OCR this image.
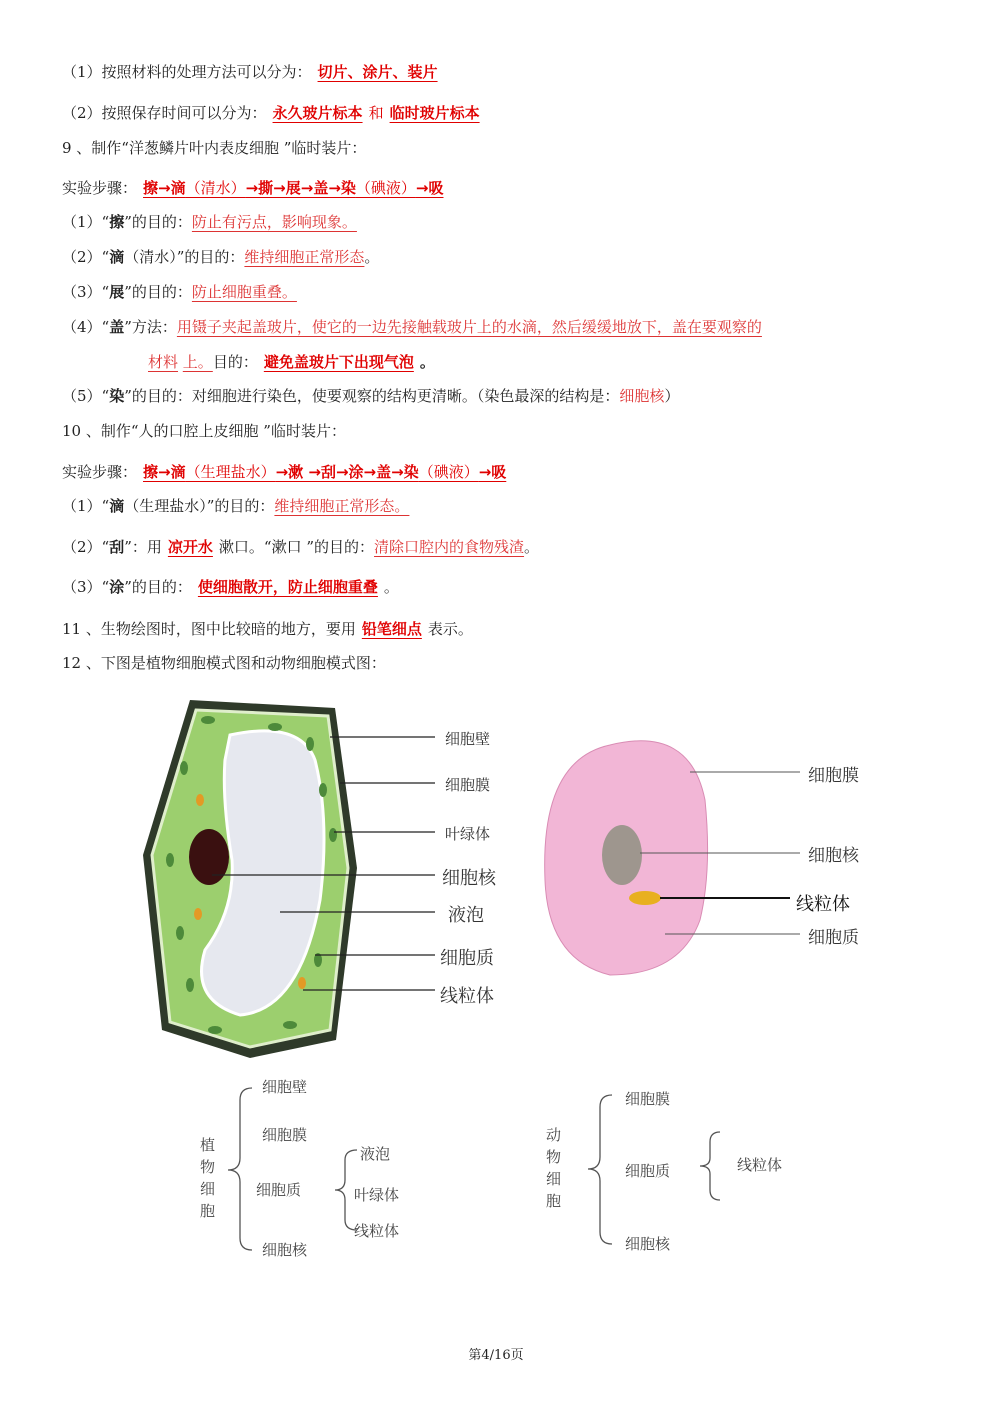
（1）按照材料的处理方法可以分为： 切片、涂片、装片
（2）按照保存时间可以分为： 永久玻片标本 和 临时玻片标本
9 、制作“洋葱鳞片叶内表皮细胞 ”临时装片：
实验步骤： 擦→滴（清水）→撕→展→盖→染（碘液）→吸
（1）“擦”的目的：防止有污点，影响现象。
（2）“滴（清水）”的目的：维持细胞正常形态。
（3）“展”的目的：防止细胞重叠。
（4）“盖”方法：用镊子夹起盖玻片，使它的一边先接触载玻片上的水滴，然后缓缓地放下，盖在要观察的
材料 上。目的： 避免盖玻片下出现气泡 。
（5）“染”的目的：对细胞进行染色，使要观察的结构更清晰。（染色最深的结构是：细胞核）
10 、制作“人的口腔上皮细胞 ”临时装片：
实验步骤： 擦→滴（生理盐水）→漱 →刮→涂→盖→染（碘液）→吸
（1）“滴（生理盐水）”的目的：维持细胞正常形态。
（2）“刮”：用 凉开水 漱口。“漱口 ”的目的：清除口腔内的食物残渣。
（3）“涂”的目的： 使细胞散开，防止细胞重叠 。
11 、生物绘图时，图中比较暗的地方，要用 铅笔细点 表示。
12 、下图是植物细胞模式图和动物细胞模式图：
细胞壁
细胞膜
叶绿体
细胞核
液泡
细胞质
线粒体
细胞膜
细胞核
线粒体
细胞质
植物细胞
细胞壁
细胞膜
细胞质
细胞核
液泡
叶绿体
线粒体
动物细胞
细胞膜
细胞质
细胞核
线粒体
第4/16页
